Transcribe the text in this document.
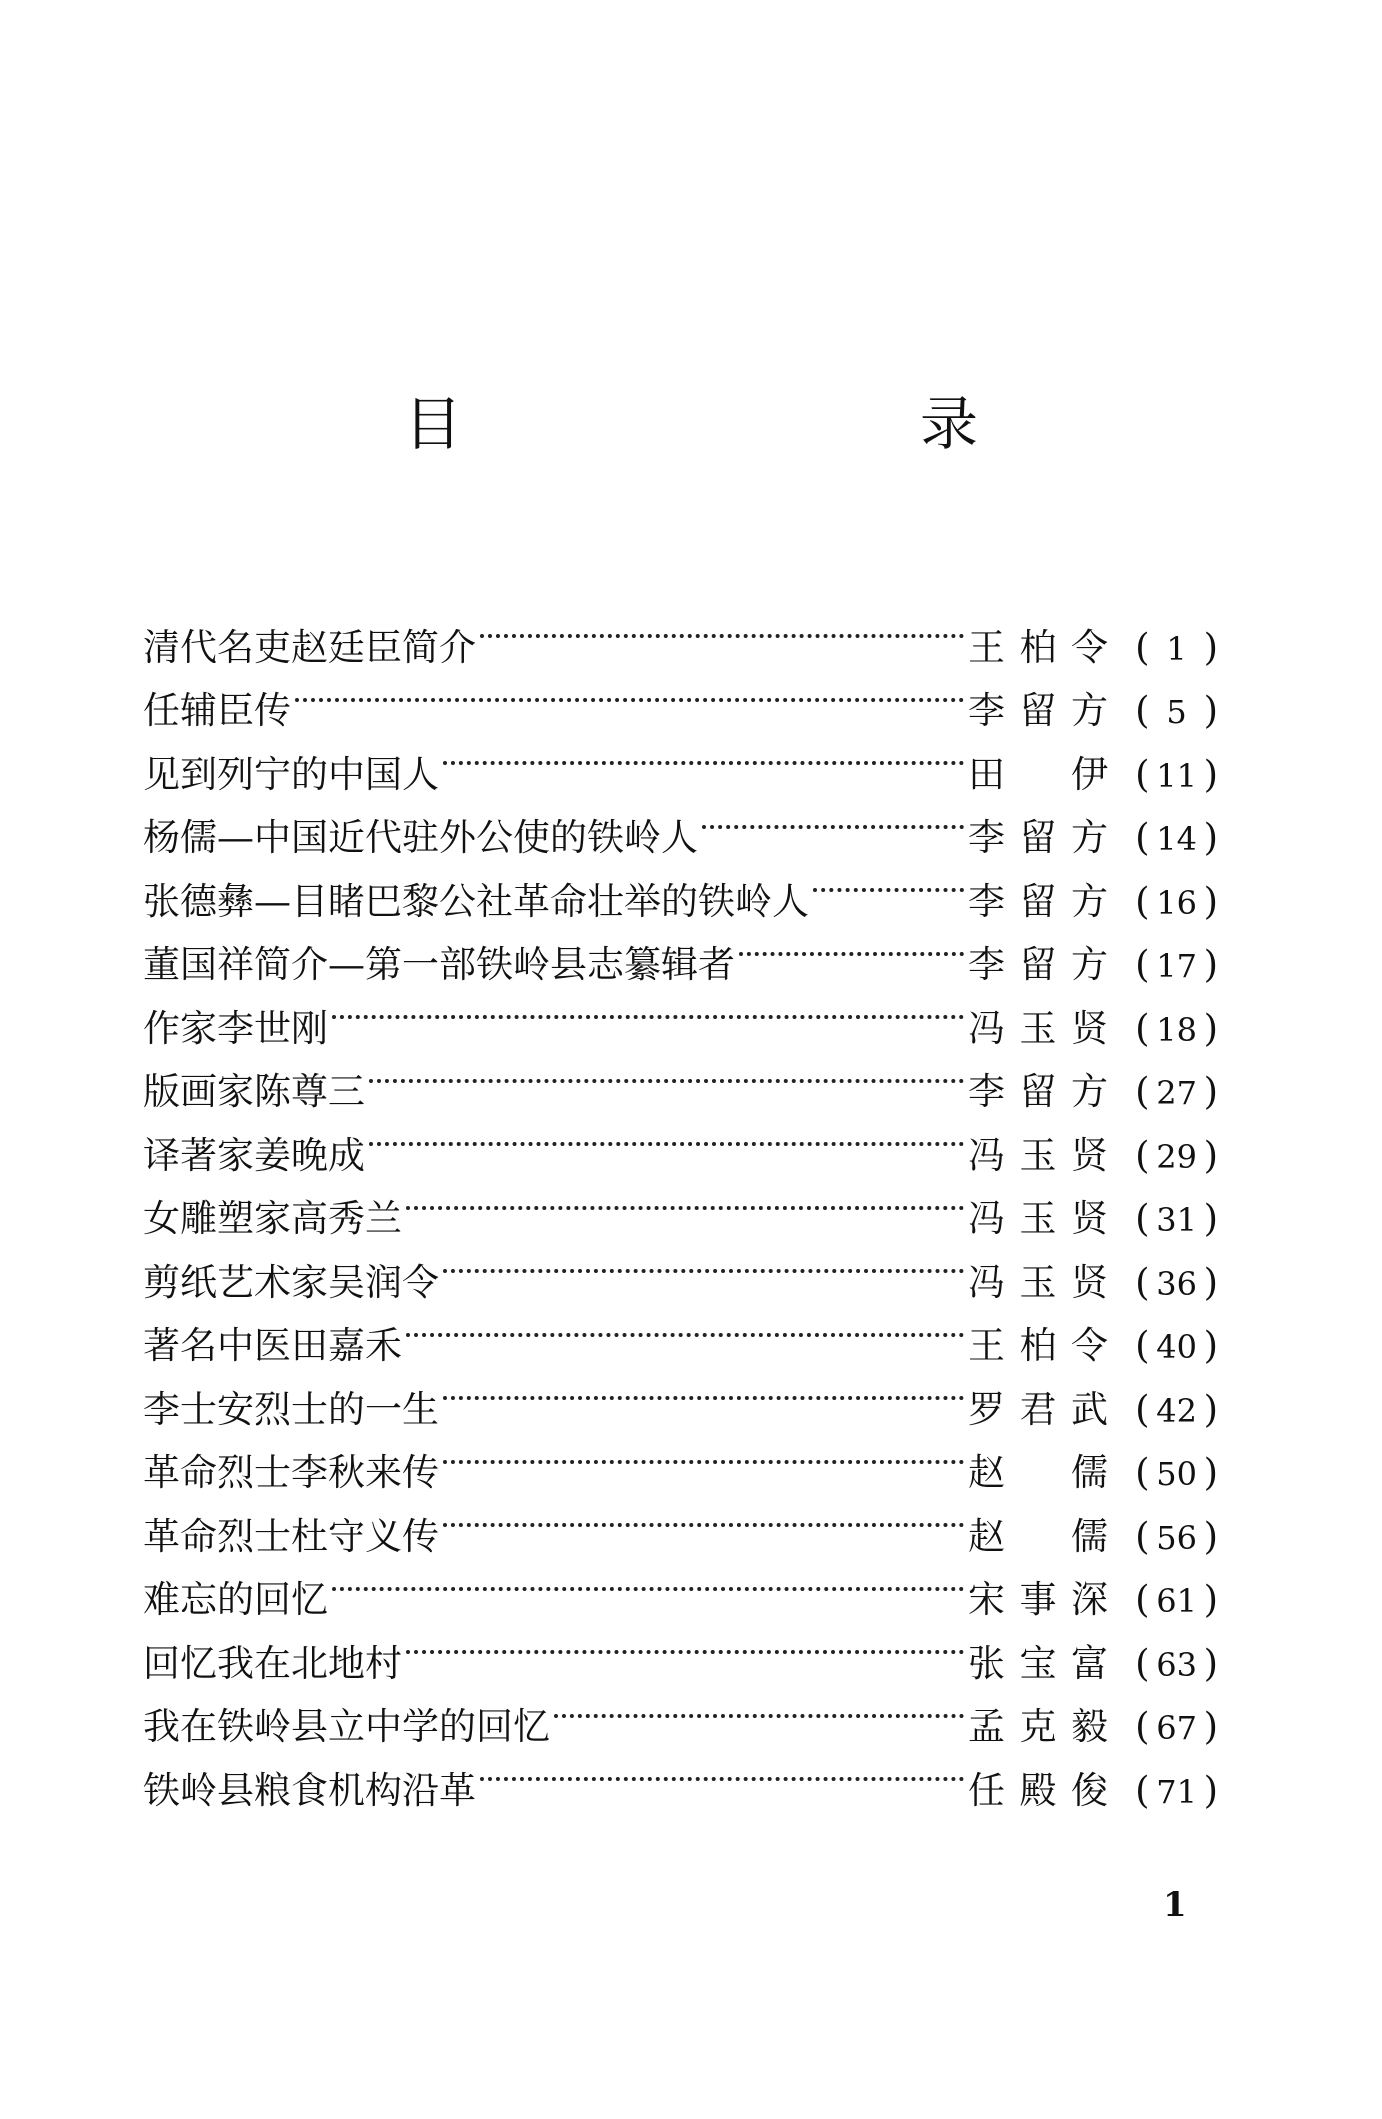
目　录
清代名吏赵廷臣简介	王柏令 ( 1 )
任辅臣传	李留方 ( 5 )
见到列宁的中国人	田　伊 ( 11 )
杨儒—中国近代驻外公使的铁岭人	李留方 ( 14 )
张德彝—目睹巴黎公社革命壮举的铁岭人	李留方 ( 16 )
董国祥简介—第一部铁岭县志纂辑者	李留方 ( 17 )
作家李世刚	冯玉贤 ( 18 )
版画家陈尊三	李留方 ( 27 )
译著家姜晚成	冯玉贤 ( 29 )
女雕塑家高秀兰	冯玉贤 ( 31 )
剪纸艺术家吴润令	冯玉贤 ( 36 )
著名中医田嘉禾	王柏令 ( 40 )
李士安烈士的一生	罗君武 ( 42 )
革命烈士李秋来传	赵　儒 ( 50 )
革命烈士杜守义传	赵　儒 ( 56 )
难忘的回忆	宋事深 ( 61 )
回忆我在北地村	张宝富 ( 63 )
我在铁岭县立中学的回忆	孟克毅 ( 67 )
铁岭县粮食机构沿革	任殿俊 ( 71 )
1
